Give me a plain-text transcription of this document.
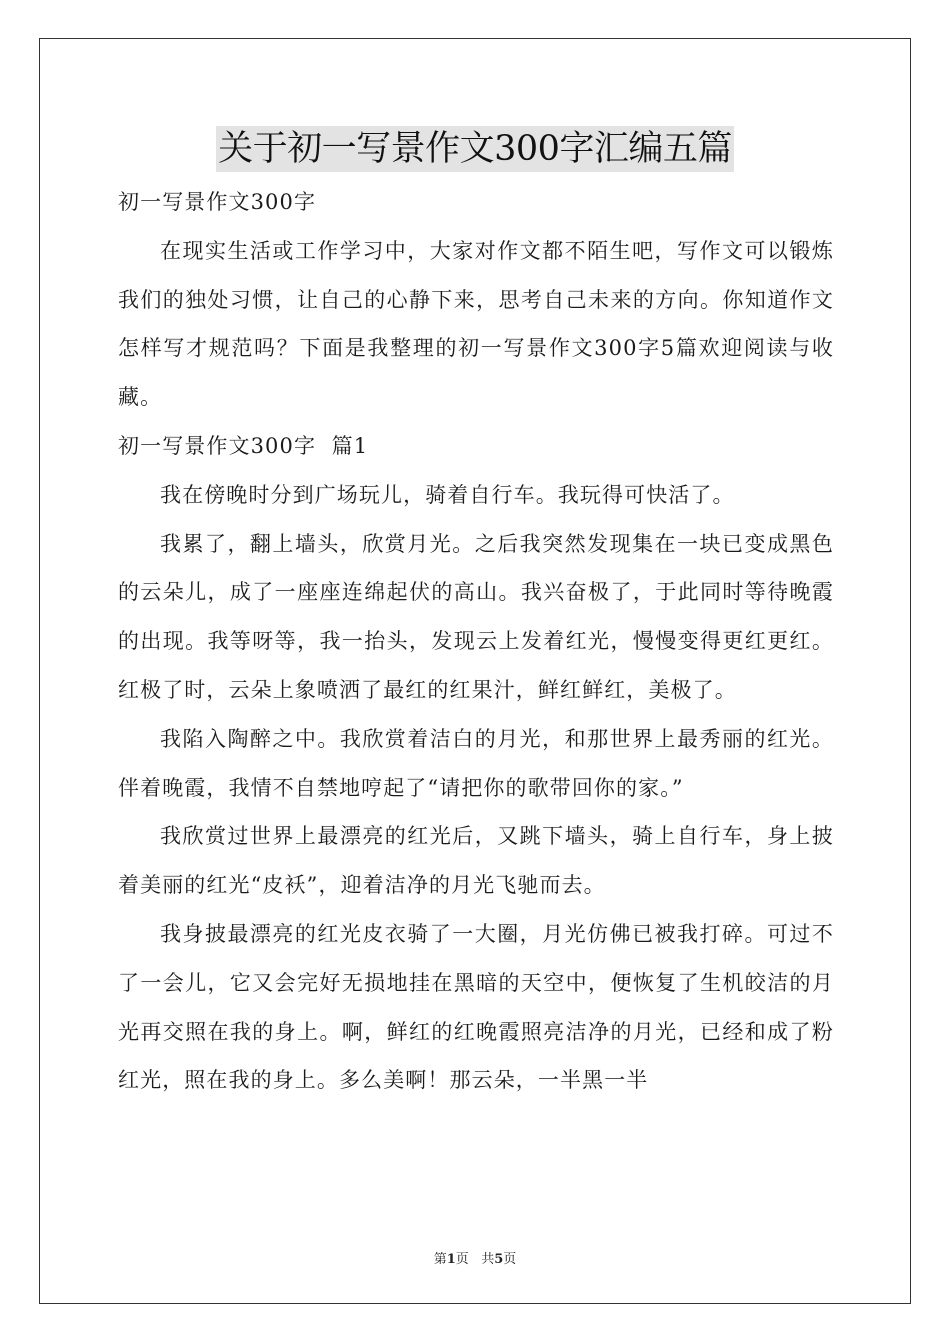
关于初一写景作文300字汇编五篇

初一写景作文300字

在现实生活或工作学习中，大家对作文都不陌生吧，写作文可以锻炼我们的独处习惯，让自己的心静下来，思考自己未来的方向。你知道作文怎样写才规范吗？下面是我整理的初一写景作文300字5篇欢迎阅读与收藏。

初一写景作文300字  篇1

我在傍晚时分到广场玩儿，骑着自行车。我玩得可快活了。

我累了，翻上墙头，欣赏月光。之后我突然发现集在一块已变成黑色的云朵儿，成了一座座连绵起伏的高山。我兴奋极了，于此同时等待晚霞的出现。我等呀等，我一抬头，发现云上发着红光，慢慢变得更红更红。红极了时，云朵上象喷洒了最红的红果汁，鲜红鲜红，美极了。

我陷入陶醉之中。我欣赏着洁白的月光，和那世界上最秀丽的红光。伴着晚霞，我情不自禁地哼起了“请把你的歌带回你的家。”

我欣赏过世界上最漂亮的红光后，又跳下墙头，骑上自行车，身上披着美丽的红光“皮袄”，迎着洁净的月光飞驰而去。

我身披最漂亮的红光皮衣骑了一大圈，月光仿佛已被我打碎。可过不了一会儿，它又会完好无损地挂在黑暗的天空中，便恢复了生机皎洁的月光再交照在我的身上。啊，鲜红的红晚霞照亮洁净的月光，已经和成了粉红光，照在我的身上。多么美啊！那云朵，一半黑一半

第1页 共5页
